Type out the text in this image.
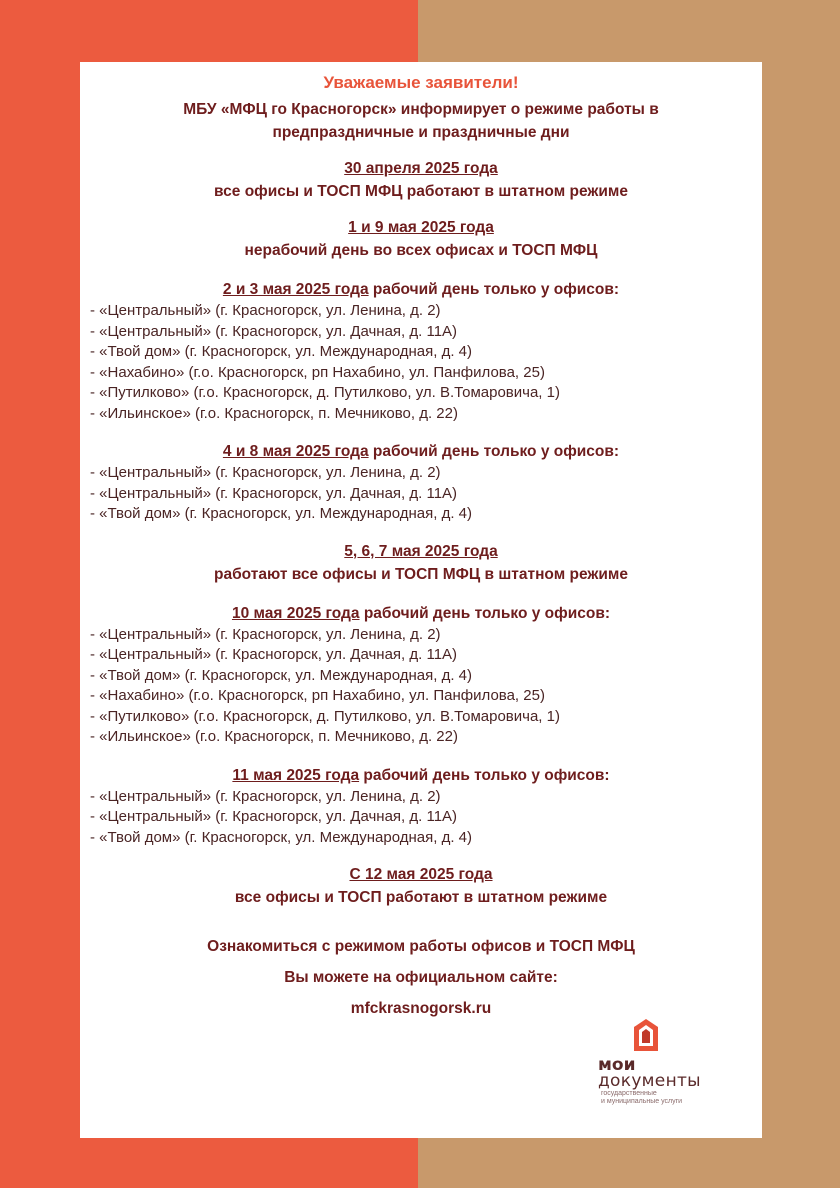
Уважаемые заявители!
МБУ «МФЦ го Красногорск» информирует о режиме работы в
предпраздничные и праздничные дни
30 апреля 2025 года
все офисы и ТОСП МФЦ работают в штатном режиме
1 и 9 мая 2025 года
нерабочий день во всех офисах и ТОСП МФЦ
2 и 3 мая 2025 года рабочий день только у офисов:
- «Центральный» (г. Красногорск, ул. Ленина, д. 2)
- «Центральный» (г. Красногорск, ул. Дачная, д. 11А)
- «Твой дом» (г. Красногорск, ул. Международная, д. 4)
- «Нахабино» (г.о. Красногорск, рп Нахабино, ул. Панфилова, 25)
- «Путилково» (г.о. Красногорск, д. Путилково, ул. В.Томаровича, 1)
- «Ильинское» (г.о. Красногорск, п. Мечниково, д. 22)
4 и 8 мая 2025 года рабочий день только у офисов:
- «Центральный» (г. Красногорск, ул. Ленина, д. 2)
- «Центральный» (г. Красногорск, ул. Дачная, д. 11А)
- «Твой дом» (г. Красногорск, ул. Международная, д. 4)
5, 6, 7 мая 2025 года
работают все офисы и ТОСП МФЦ в штатном режиме
10 мая 2025 года рабочий день только у офисов:
- «Центральный» (г. Красногорск, ул. Ленина, д. 2)
- «Центральный» (г. Красногорск, ул. Дачная, д. 11А)
- «Твой дом» (г. Красногорск, ул. Международная, д. 4)
- «Нахабино» (г.о. Красногорск, рп Нахабино, ул. Панфилова, 25)
- «Путилково» (г.о. Красногорск, д. Путилково, ул. В.Томаровича, 1)
- «Ильинское» (г.о. Красногорск, п. Мечниково, д. 22)
11 мая 2025 года рабочий день только у офисов:
- «Центральный» (г. Красногорск, ул. Ленина, д. 2)
- «Центральный» (г. Красногорск, ул. Дачная, д. 11А)
- «Твой дом» (г. Красногорск, ул. Международная, д. 4)
С 12 мая 2025 года
все офисы и ТОСП работают в штатном режиме
Ознакомиться с режимом работы офисов и ТОСП МФЦ
Вы можете на официальном сайте:
mfckrasnogorsk.ru
мои
документы
государственные
и муниципальные услуги
